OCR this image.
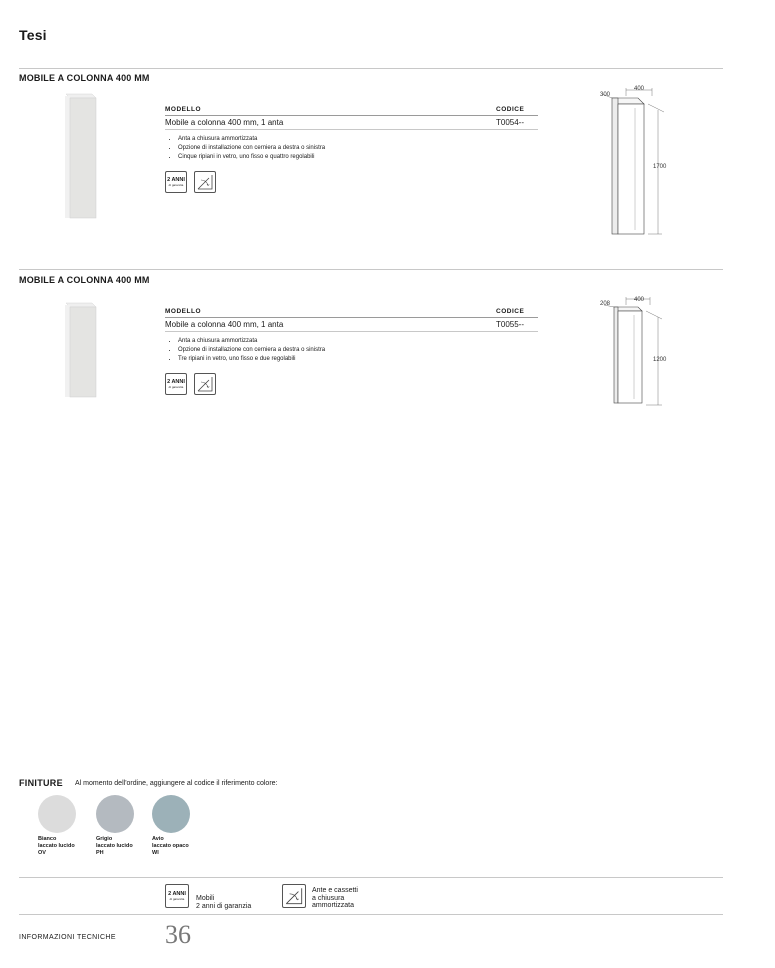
Tesi
MOBILE A COLONNA 400 MM
MODELLO	CODICE
Mobile a colonna 400 mm, 1 anta	T0054--
• Anta a chiusura ammortizzata
• Opzione di installazione con cerniera a destra o sinistra
• Cinque ripiani in vetro, uno fisso e quattro regolabili
2 ANNI
di garanzia
300
400
1700
MOBILE A COLONNA 400 MM
MODELLO	CODICE
Mobile a colonna 400 mm, 1 anta	T0055--
• Anta a chiusura ammortizzata
• Opzione di installazione con cerniera a destra o sinistra
• Tre ripiani in vetro, uno fisso e due regolabili
2 ANNI
di garanzia
208
400
1200
FINITURE Al momento dell'ordine, aggiungere al codice il riferimento colore:
Bianco
laccato lucido
OV
Grigio
laccato lucido
PH
Avio
laccato opaco
WI
2 ANNI
di garanzia Mobili
2 anni di garanzia
Ante e cassetti
a chiusura
ammortizzata
INFORMAZIONI TECNICHE 36
